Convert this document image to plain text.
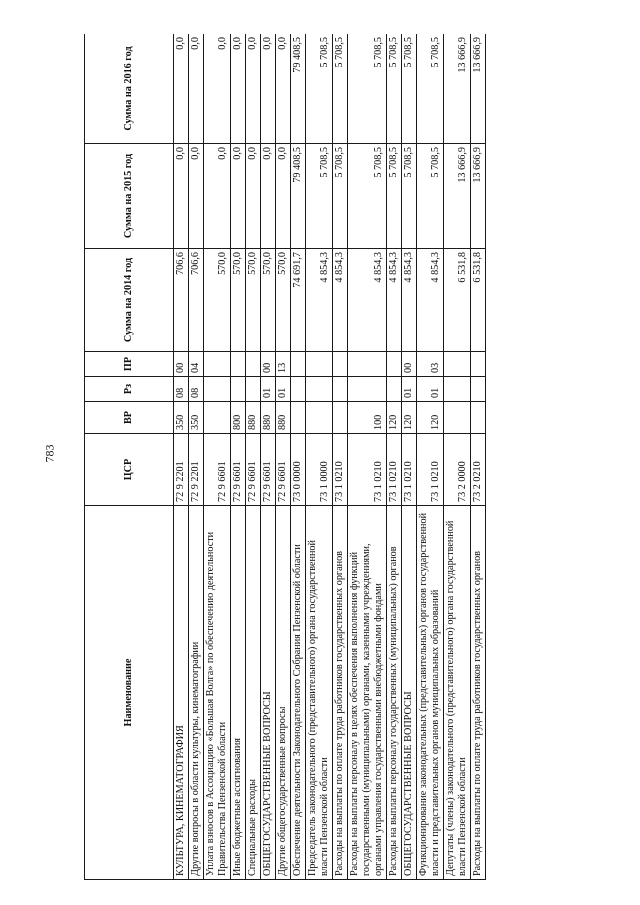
783
Наименование	ЦСР	ВР	Рз	ПР	Сумма на 2014 год	Сумма на 2015 год	Сумма на 2016 год
КУЛЬТУРА, КИНЕМАТОГРАФИЯ	72 9 2201	350	08	00	706,6	0,0	0,0
Другие вопросы в области культуры, кинематографии	72 9 2201	350	08	04	706,6	0,0	0,0
Уплата взносов в Ассоциацию «Большая Волга» по обеспечению деятельности Правительства Пензенской области	72 9 6601				570,0	0,0	0,0
Иные бюджетные ассигнования	72 9 6601	800			570,0	0,0	0,0
Специальные расходы	72 9 6601	880			570,0	0,0	0,0
ОБЩЕГОСУДАРСТВЕННЫЕ ВОПРОСЫ	72 9 6601	880	01	00	570,0	0,0	0,0
Другие общегосударственные вопросы	72 9 6601	880	01	13	570,0	0,0	0,0
Обеспечение деятельности Законодательного Собрания Пензенской области	73 0 0000				74 691,7	79 408,5	79 408,5
Председатель законодательного (представительного) органа государственной власти Пензенской области	73 1 0000				4 854,3	5 708,5	5 708,5
Расходы на выплаты по оплате труда работников государственных органов	73 1 0210				4 854,3	5 708,5	5 708,5
Расходы на выплаты персоналу в целях обеспечения выполнения функций государственными (муниципальными) органами, казенными учреждениями, органами управления государственными внебюджетными фондами	73 1 0210	100			4 854,3	5 708,5	5 708,5
Расходы на выплаты персоналу государственных (муниципальных) органов	73 1 0210	120			4 854,3	5 708,5	5 708,5
ОБЩЕГОСУДАРСТВЕННЫЕ ВОПРОСЫ	73 1 0210	120	01	00	4 854,3	5 708,5	5 708,5
Функционирование законодательных (представительных) органов государственной власти и представительных органов муниципальных образований	73 1 0210	120	01	03	4 854,3	5 708,5	5 708,5
Депутаты (члены) законодательного (представительного) органа государственной власти Пензенской области	73 2 0000				6 531,8	13 666,9	13 666,9
Расходы на выплаты по оплате труда работников государственных органов	73 2 0210				6 531,8	13 666,9	13 666,9
